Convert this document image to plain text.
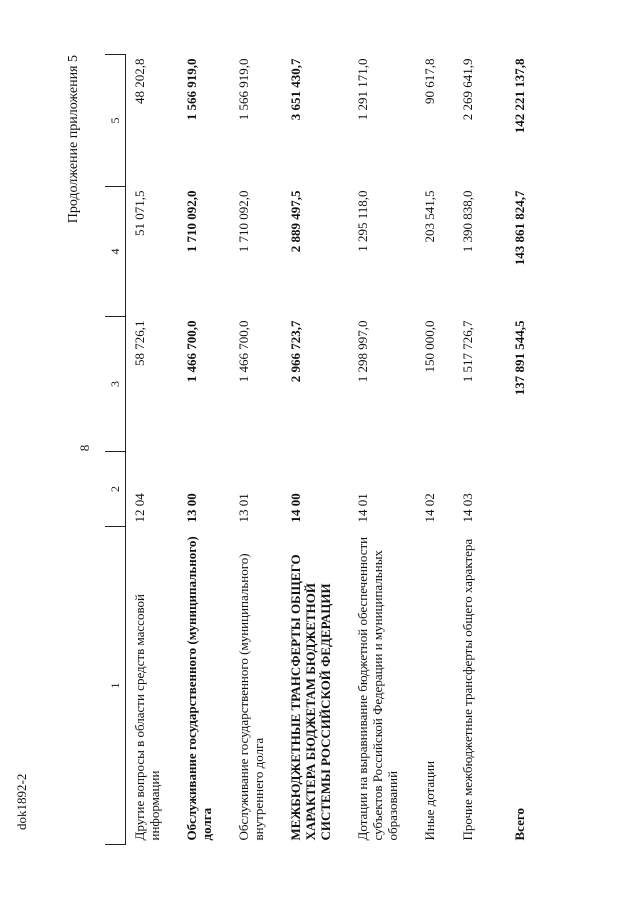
8
dok1892-2
Продолжение приложения 5
1	2	3	4	5
Другие вопросы в области средств массовой информации	12 04	58 726,1	51 071,5	48 202,8
Обслуживание государственного (муниципального) долга	13 00	1 466 700,0	1 710 092,0	1 566 919,0
Обслуживание государственного (муниципального) внутреннего долга	13 01	1 466 700,0	1 710 092,0	1 566 919,0
МЕЖБЮДЖЕТНЫЕ ТРАНСФЕРТЫ ОБЩЕГО ХАРАКТЕРА БЮДЖЕТАМ БЮДЖЕТНОЙ СИСТЕМЫ РОССИЙСКОЙ ФЕДЕРАЦИИ	14 00	2 966 723,7	2 889 497,5	3 651 430,7
Дотации на выравнивание бюджетной обеспеченности субъектов Российской Федерации и муниципальных образований	14 01	1 298 997,0	1 295 118,0	1 291 171,0
Иные дотации	14 02	150 000,0	203 541,5	90 617,8
Прочие межбюджетные трансферты общего характера	14 03	1 517 726,7	1 390 838,0	2 269 641,9
Всего		137 891 544,5	143 861 824,7	142 221 137,8
